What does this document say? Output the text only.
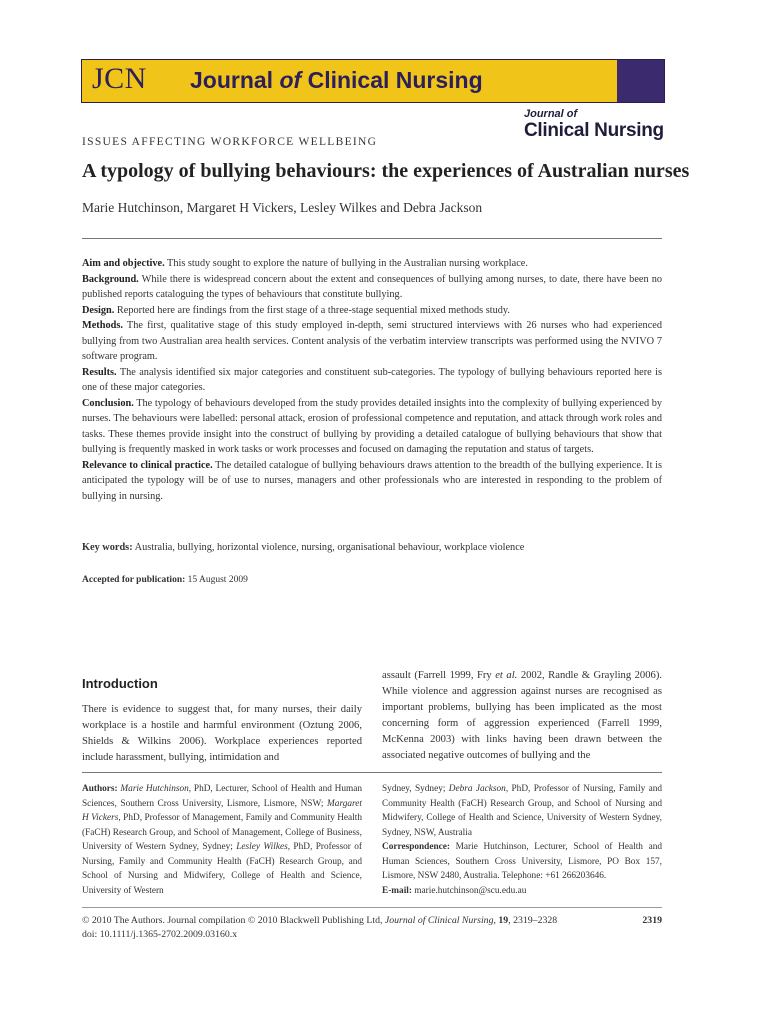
JCN Journal of Clinical Nursing
Journal of
Clinical Nursing
ISSUES AFFECTING WORKFORCE WELLBEING
A typology of bullying behaviours: the experiences of Australian nurses
Marie Hutchinson, Margaret H Vickers, Lesley Wilkes and Debra Jackson

Aim and objective. This study sought to explore the nature of bullying in the Australian nursing workplace.

Background. While there is widespread concern about the extent and consequences of bullying among nurses, to date, there have been no published reports cataloguing the types of behaviours that constitute bullying.

Design. Reported here are findings from the first stage of a three-stage sequential mixed methods study.

Methods. The first, qualitative stage of this study employed in-depth, semi structured interviews with 26 nurses who had experienced bullying from two Australian area health services. Content analysis of the verbatim interview transcripts was performed using the NVIVO 7 software program.

Results. The analysis identified six major categories and constituent sub-categories. The typology of bullying behaviours reported here is one of these major categories.

Conclusion. The typology of behaviours developed from the study provides detailed insights into the complexity of bullying experienced by nurses. The behaviours were labelled: personal attack, erosion of professional competence and reputation, and attack through work roles and tasks. These themes provide insight into the construct of bullying by providing a detailed catalogue of bullying behaviours that show that bullying is frequently masked in work tasks or work processes and focused on damaging the reputation and status of targets.

Relevance to clinical practice. The detailed catalogue of bullying behaviours draws attention to the breadth of the bullying experience. It is anticipated the typology will be of use to nurses, managers and other professionals who are interested in responding to the problem of bullying in nursing.

Key words: Australia, bullying, horizontal violence, nursing, organisational behaviour, workplace violence
Accepted for publication: 15 August 2009
Introduction

There is evidence to suggest that, for many nurses, their daily workplace is a hostile and harmful environment (Oztung 2006, Shields & Wilkins 2006). Workplace experiences reported include harassment, bullying, intimidation and

assault (Farrell 1999, Fry et al. 2002, Randle & Grayling 2006). While violence and aggression against nurses are recognised as important problems, bullying has been implicated as the most concerning form of aggression experienced (Farrell 1999, McKenna 2003) with links having been drawn between the associated negative outcomes of bullying and the

Authors: Marie Hutchinson, PhD, Lecturer, School of Health and Human Sciences, Southern Cross University, Lismore, Lismore, NSW; Margaret H Vickers, PhD, Professor of Management, Family and Community Health (FaCH) Research Group, and School of Management, College of Business, University of Western Sydney, Sydney; Lesley Wilkes, PhD, Professor of Nursing, Family and Community Health (FaCH) Research Group, and School of Nursing and Midwifery, College of Health and Science, University of Western

Sydney, Sydney; Debra Jackson, PhD, Professor of Nursing, Family and Community Health (FaCH) Research Group, and School of Nursing and Midwifery, College of Health and Science, University of Western Sydney, Sydney, NSW, Australia

Correspondence: Marie Hutchinson, Lecturer, School of Health and Human Sciences, Southern Cross University, Lismore, PO Box 157, Lismore, NSW 2480, Australia. Telephone: +61 266203646.

E-mail: marie.hutchinson@scu.edu.au

© 2010 The Authors. Journal compilation © 2010 Blackwell Publishing Ltd, Journal of Clinical Nursing, 19, 2319–2328	2319
doi: 10.1111/j.1365-2702.2009.03160.x
